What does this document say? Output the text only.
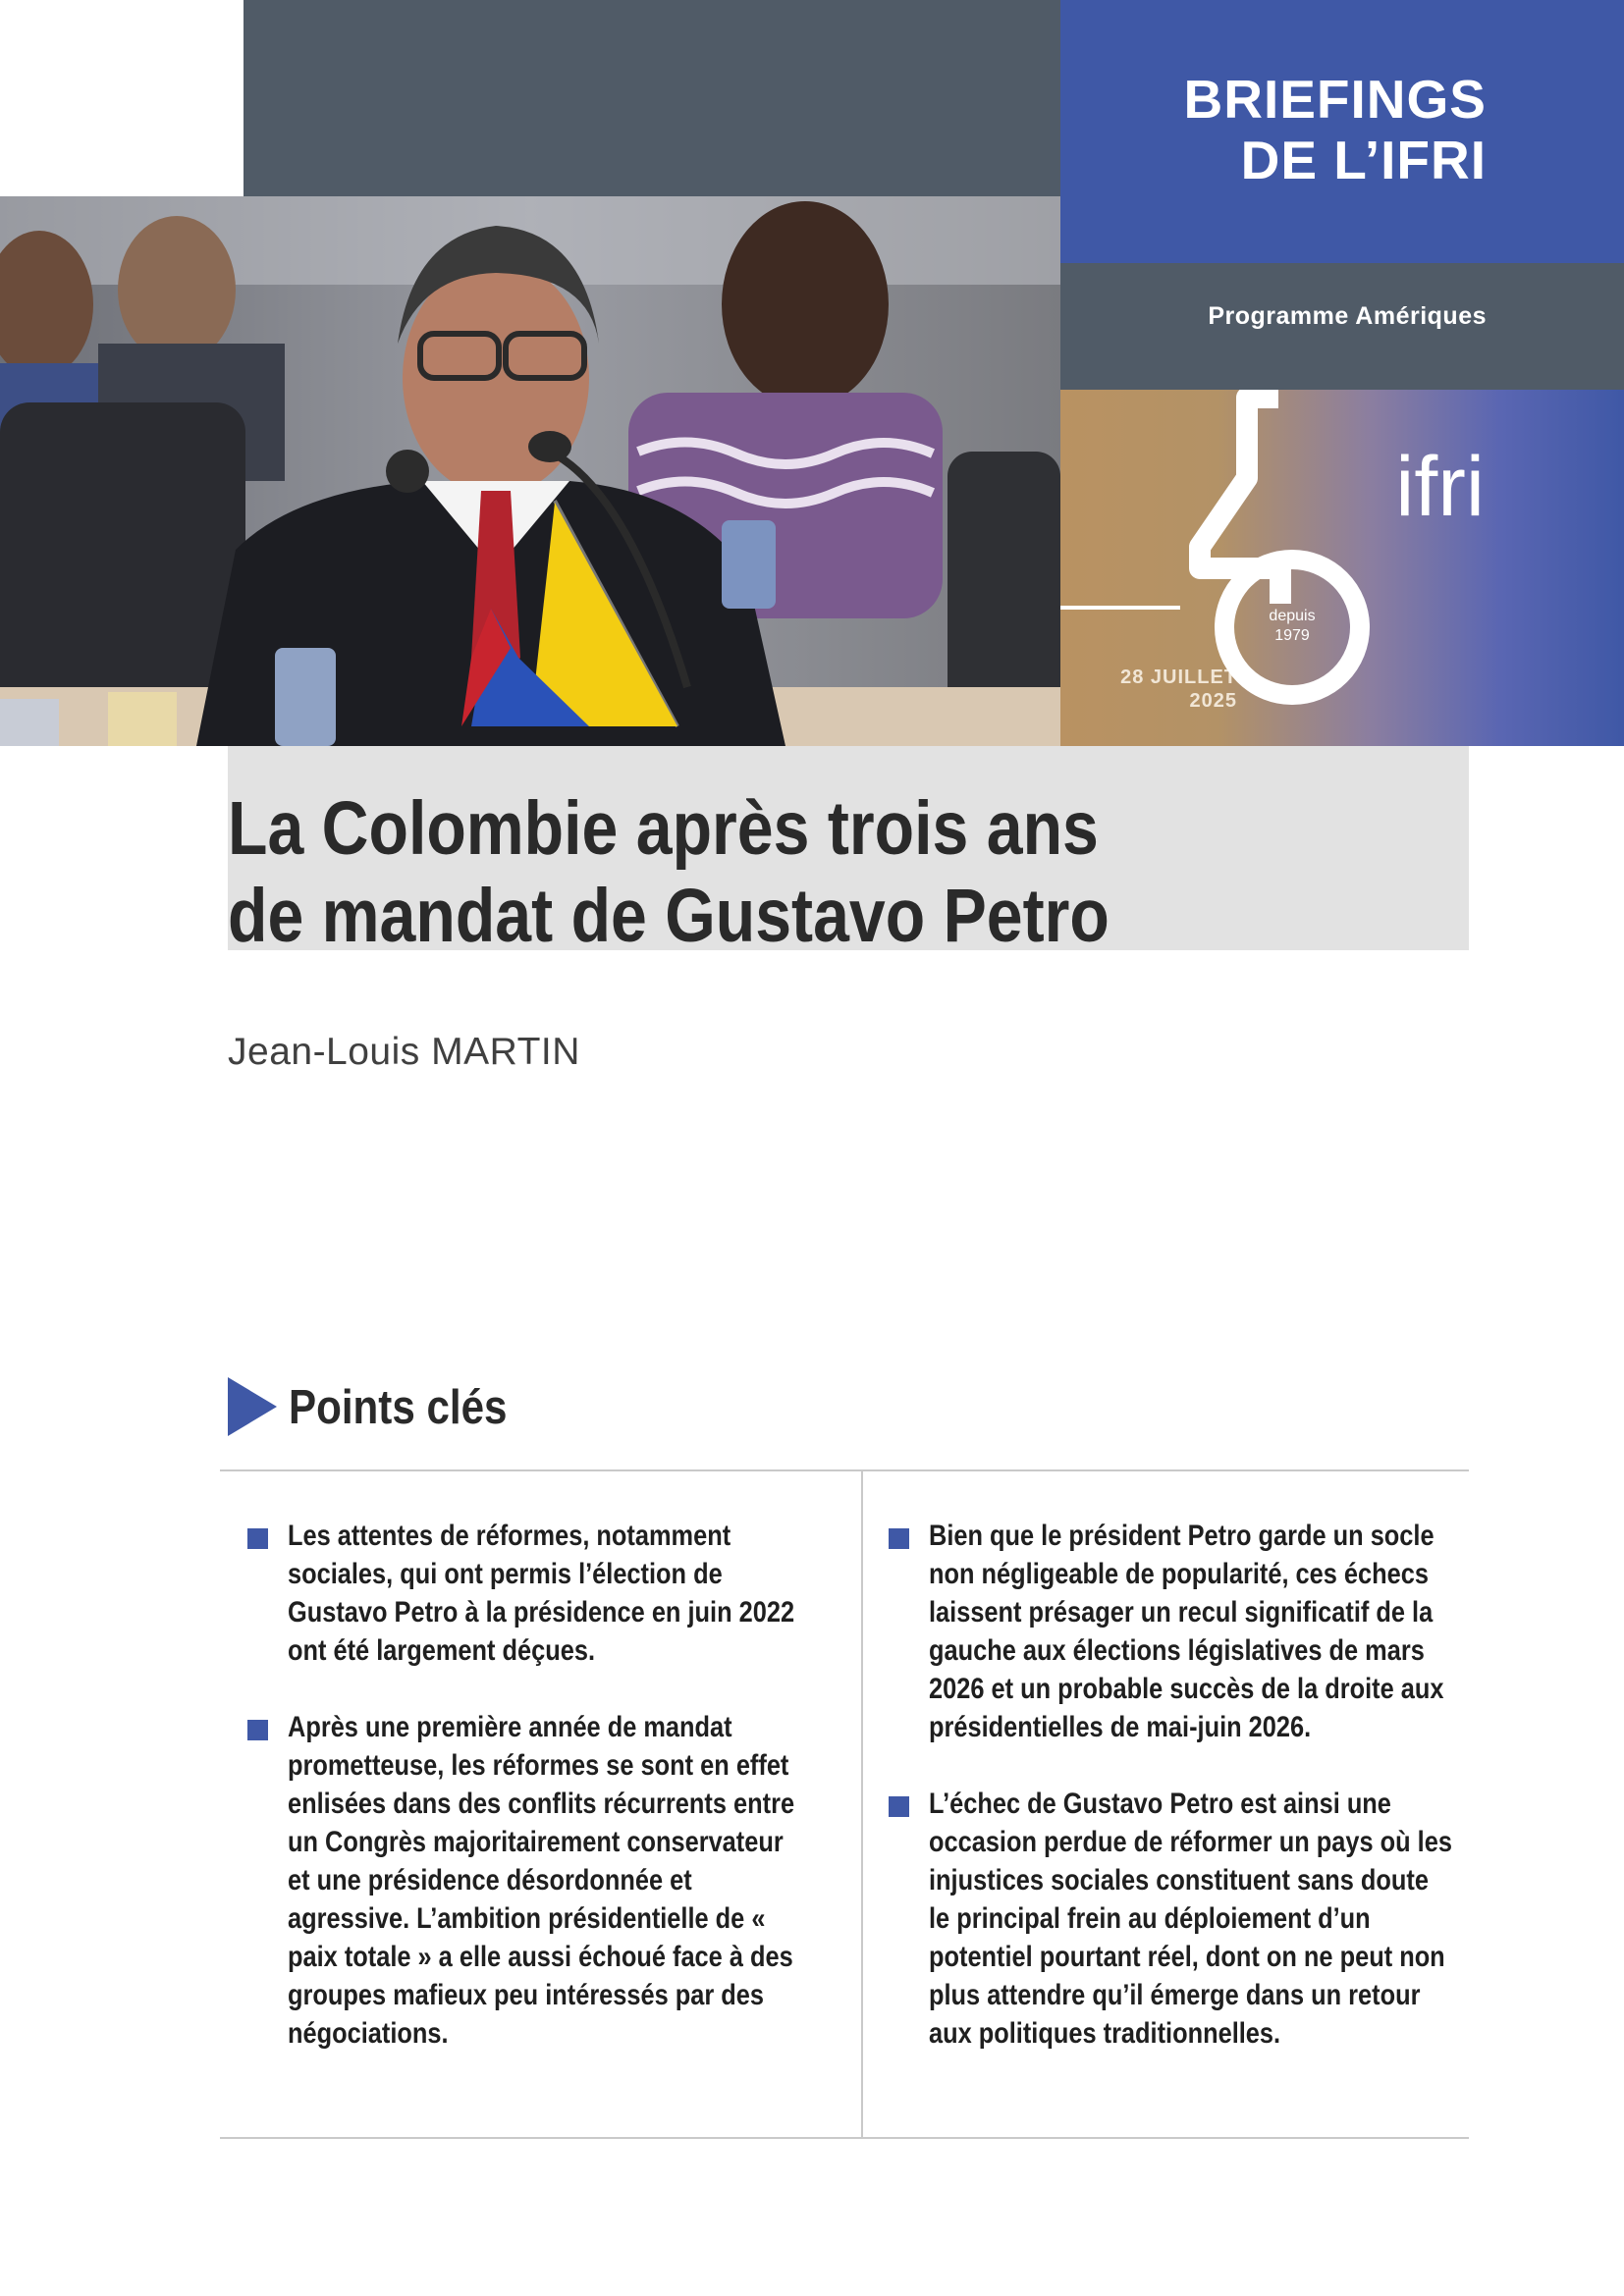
BRIEFINGS
DE L’IFRI
Programme Amériques
28 JUILLET
2025
depuis
1979
ifri
La Colombie après trois ans
de mandat de Gustavo Petro
Jean-Louis MARTIN
Points clés
Les attentes de réformes, notamment sociales, qui ont permis l’élection de Gustavo Petro à la présidence en juin 2022 ont été largement déçues.
Après une première année de mandat prometteuse, les réformes se sont en effet enlisées dans des conflits récurrents entre un Congrès majoritairement conservateur et une présidence désordonnée et agressive. L’ambition présidentielle de « paix totale » a elle aussi échoué face à des groupes mafieux peu intéressés par des négociations.
Bien que le président Petro garde un socle non négligeable de popularité, ces échecs laissent présager un recul significatif de la gauche aux élections législatives de mars 2026 et un probable succès de la droite aux présidentielles de mai-juin 2026.
L’échec de Gustavo Petro est ainsi une occasion perdue de réformer un pays où les injustices sociales constituent sans doute le principal frein au déploiement d’un potentiel pourtant réel, dont on ne peut non plus attendre qu’il émerge dans un retour aux politiques traditionnelles.
